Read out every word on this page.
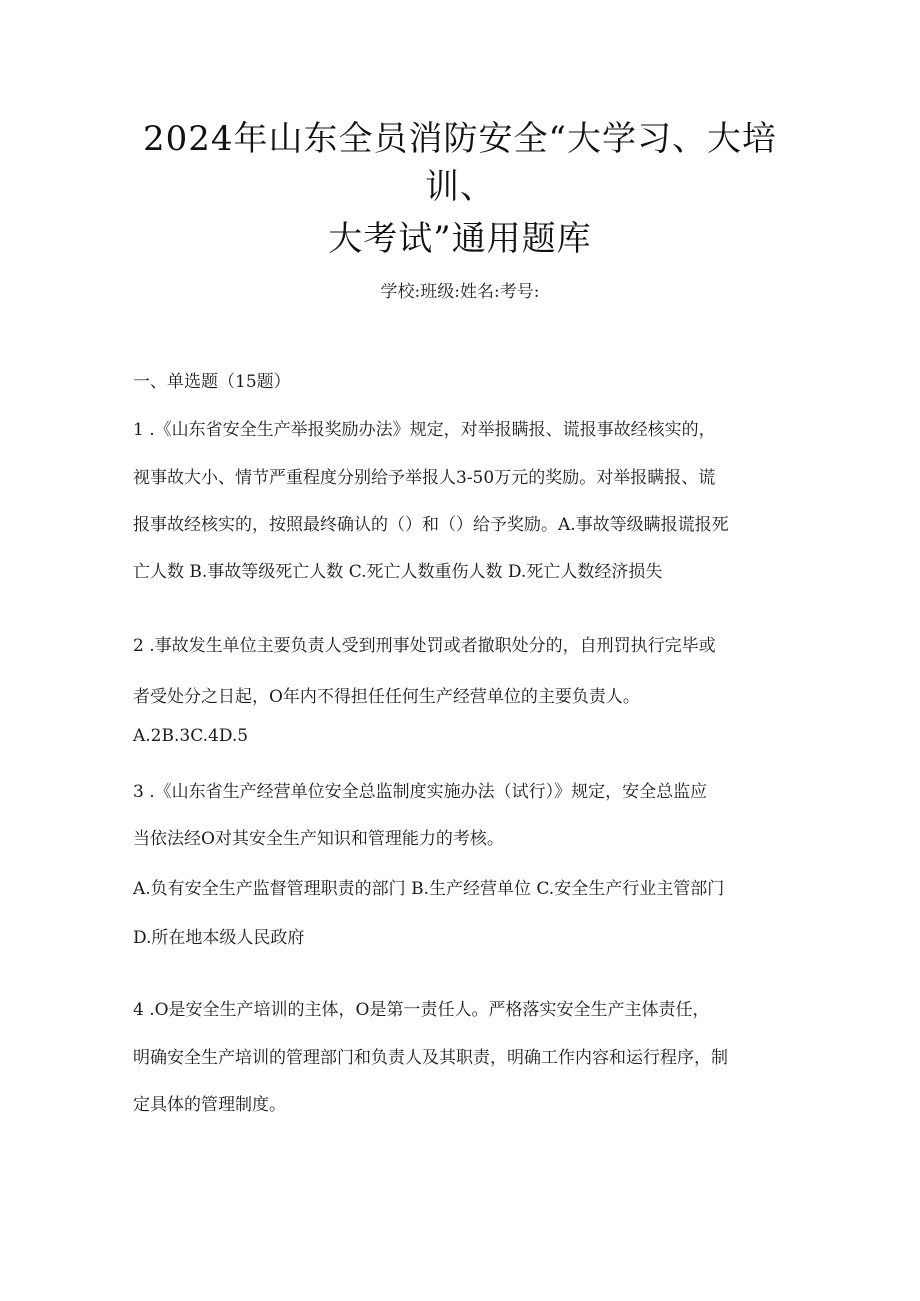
2024年山东全员消防安全“大学习、大培
训、
大考试”通用题库
学校:班级:姓名:考号:
一、单选题（15题）
1 .《山东省安全生产举报奖励办法》规定，对举报瞒报、谎报事故经核实的，
视事故大小、情节严重程度分别给予举报人3-50万元的奖励。对举报瞒报、谎
报事故经核实的，按照最终确认的（）和（）给予奖励。A.事故等级瞒报谎报死
亡人数 B.事故等级死亡人数 C.死亡人数重伤人数 D.死亡人数经济损失
2 .事故发生单位主要负责人受到刑事处罚或者撤职处分的，自刑罚执行完毕或
者受处分之日起，O年内不得担任任何生产经营单位的主要负责人。
A.2B.3C.4D.5
3 .《山东省生产经营单位安全总监制度实施办法（试行）》规定，安全总监应
当依法经O对其安全生产知识和管理能力的考核。
A.负有安全生产监督管理职责的部门 B.生产经营单位 C.安全生产行业主管部门
D.所在地本级人民政府
4 .O是安全生产培训的主体，O是第一责任人。严格落实安全生产主体责任，
明确安全生产培训的管理部门和负责人及其职责，明确工作内容和运行程序，制
定具体的管理制度。
